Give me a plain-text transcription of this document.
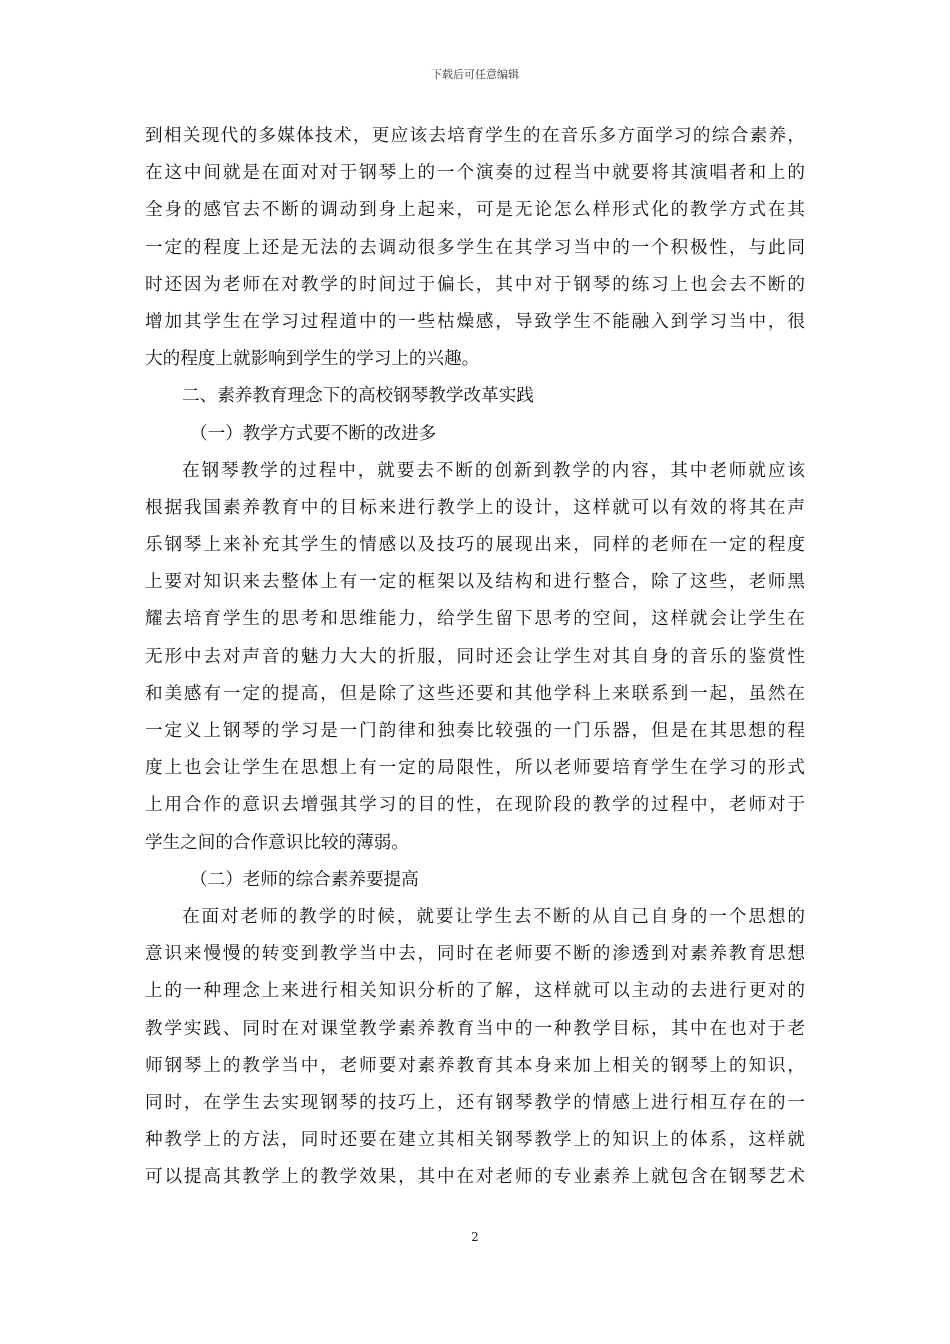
下载后可任意编辑
到相关现代的多媒体技术，更应该去培育学生的在音乐多方面学习的综合素养，
在这中间就是在面对对于钢琴上的一个演奏的过程当中就要将其演唱者和上的
全身的感官去不断的调动到身上起来，可是无论怎么样形式化的教学方式在其
一定的程度上还是无法的去调动很多学生在其学习当中的一个积极性，与此同
时还因为老师在对教学的时间过于偏长，其中对于钢琴的练习上也会去不断的
增加其学生在学习过程道中的一些枯燥感，导致学生不能融入到学习当中，很
大的程度上就影响到学生的学习上的兴趣。
二、素养教育理念下的高校钢琴教学改革实践
（一）教学方式要不断的改进多
在钢琴教学的过程中，就要去不断的创新到教学的内容，其中老师就应该
根据我国素养教育中的目标来进行教学上的设计，这样就可以有效的将其在声
乐钢琴上来补充其学生的情感以及技巧的展现出来，同样的老师在一定的程度
上要对知识来去整体上有一定的框架以及结构和进行整合，除了这些，老师黑
耀去培育学生的思考和思维能力，给学生留下思考的空间，这样就会让学生在
无形中去对声音的魅力大大的折服，同时还会让学生对其自身的音乐的鉴赏性
和美感有一定的提高，但是除了这些还要和其他学科上来联系到一起，虽然在
一定义上钢琴的学习是一门韵律和独奏比较强的一门乐器，但是在其思想的程
度上也会让学生在思想上有一定的局限性，所以老师要培育学生在学习的形式
上用合作的意识去增强其学习的目的性，在现阶段的教学的过程中，老师对于
学生之间的合作意识比较的薄弱。
（二）老师的综合素养要提高
在面对老师的教学的时候，就要让学生去不断的从自己自身的一个思想的
意识来慢慢的转变到教学当中去，同时在老师要不断的渗透到对素养教育思想
上的一种理念上来进行相关知识分析的了解，这样就可以主动的去进行更对的
教学实践、同时在对课堂教学素养教育当中的一种教学目标，其中在也对于老
师钢琴上的教学当中，老师要对素养教育其本身来加上相关的钢琴上的知识，
同时，在学生去实现钢琴的技巧上，还有钢琴教学的情感上进行相互存在的一
种教学上的方法，同时还要在建立其相关钢琴教学上的知识上的体系，这样就
可以提高其教学上的教学效果，其中在对老师的专业素养上就包含在钢琴艺术
2
